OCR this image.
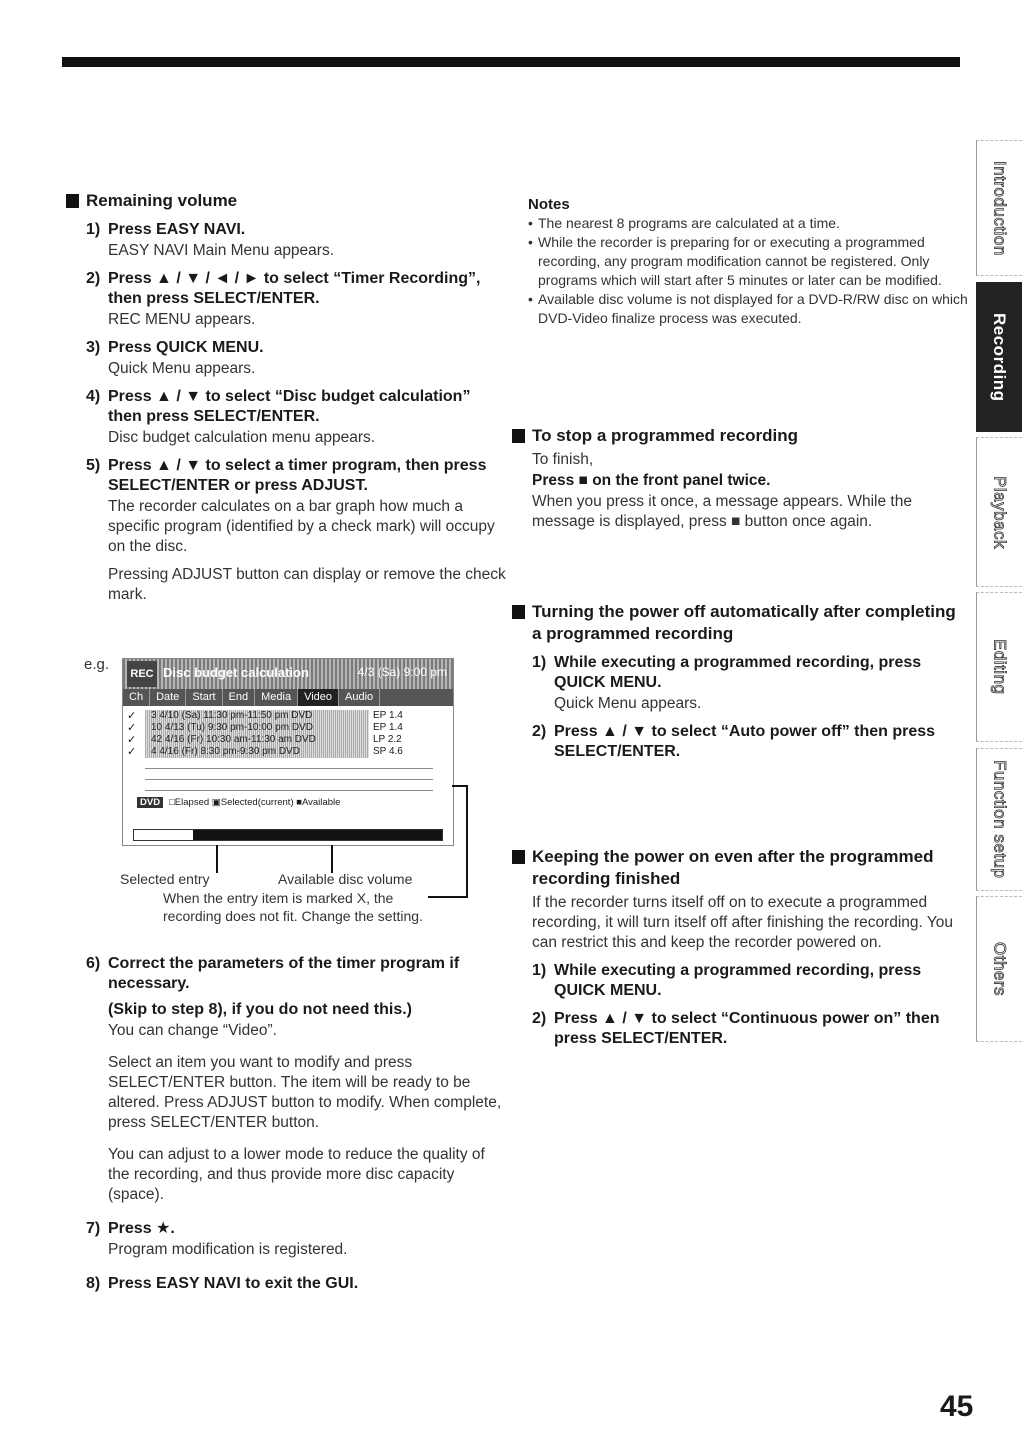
Remaining volume
1) Press EASY NAVI.

EASY NAVI Main Menu appears.

2) Press ▲ / ▼ / ◄ / ► to select “Timer Recording”, then press SELECT/ENTER.

REC MENU appears.

3) Press QUICK MENU.

Quick Menu appears.

4) Press ▲ / ▼ to select “Disc budget calculation” then press SELECT/ENTER.

Disc budget calculation menu appears.

5) Press ▲ / ▼ to select a timer program, then press SELECT/ENTER or press ADJUST.

The recorder calculates on a bar graph how much a specific program (identified by a check mark) will occupy on the disc.

Pressing ADJUST button can display or remove the check mark.

e.g.
REC Disc budget calculation	4/3 (Sa) 9:00 pm
Ch	Date	Start	End	Media	Video	Audio
✓	3 4/10 (Sa) 11:30 pm-11:50 pm DVD	EP 1.4
✓	10 4/13 (Tu) 9:30 pm-10:00 pm DVD	EP 1.4
✓	42 4/16 (Fr) 10:30 am-11:30 am DVD	LP 2.2
✓	4 4/16 (Fr) 8:30 pm-9:30 pm DVD	SP 4.6
DVD □Elapsed ▣Selected(current) ■Available
Selected entry	Available disc volume
When the entry item is marked X, the
recording does not fit. Change the setting.
6) Correct the parameters of the timer program if necessary.
(Skip to step 8), if you do not need this.)

You can change “Video”.

Select an item you want to modify and press SELECT/ENTER button. The item will be ready to be altered. Press ADJUST button to modify. When complete, press SELECT/ENTER button.

You can adjust to a lower mode to reduce the quality of the recording, and thus provide more disc capacity (space).

7) Press ★.

Program modification is registered.

8) Press EASY NAVI to exit the GUI.
Notes
• The nearest 8 programs are calculated at a time.
• While the recorder is preparing for or executing a programmed recording, any program modification cannot be registered. Only programs which will start after 5 minutes or later can be modified.
• Available disc volume is not displayed for a DVD-R/RW disc on which DVD-Video finalize process was executed.
To stop a programmed recording

To finish,

Press ■ on the front panel twice.

When you press it once, a message appears. While the message is displayed, press ■ button once again.

Turning the power off automatically after completing a programmed recording
1) While executing a programmed recording, press QUICK MENU.

Quick Menu appears.

2) Press ▲ / ▼ to select “Auto power off” then press SELECT/ENTER.
Keeping the power on even after the programmed recording finished

If the recorder turns itself off on to execute a programmed recording, it will turn itself off after finishing the recording. You can restrict this and keep the recorder powered on.

1) While executing a programmed recording, press QUICK MENU.
2) Press ▲ / ▼ to select “Continuous power on” then press SELECT/ENTER.
Introduction
Recording
Playback
Editing
Function setup
Others
45
